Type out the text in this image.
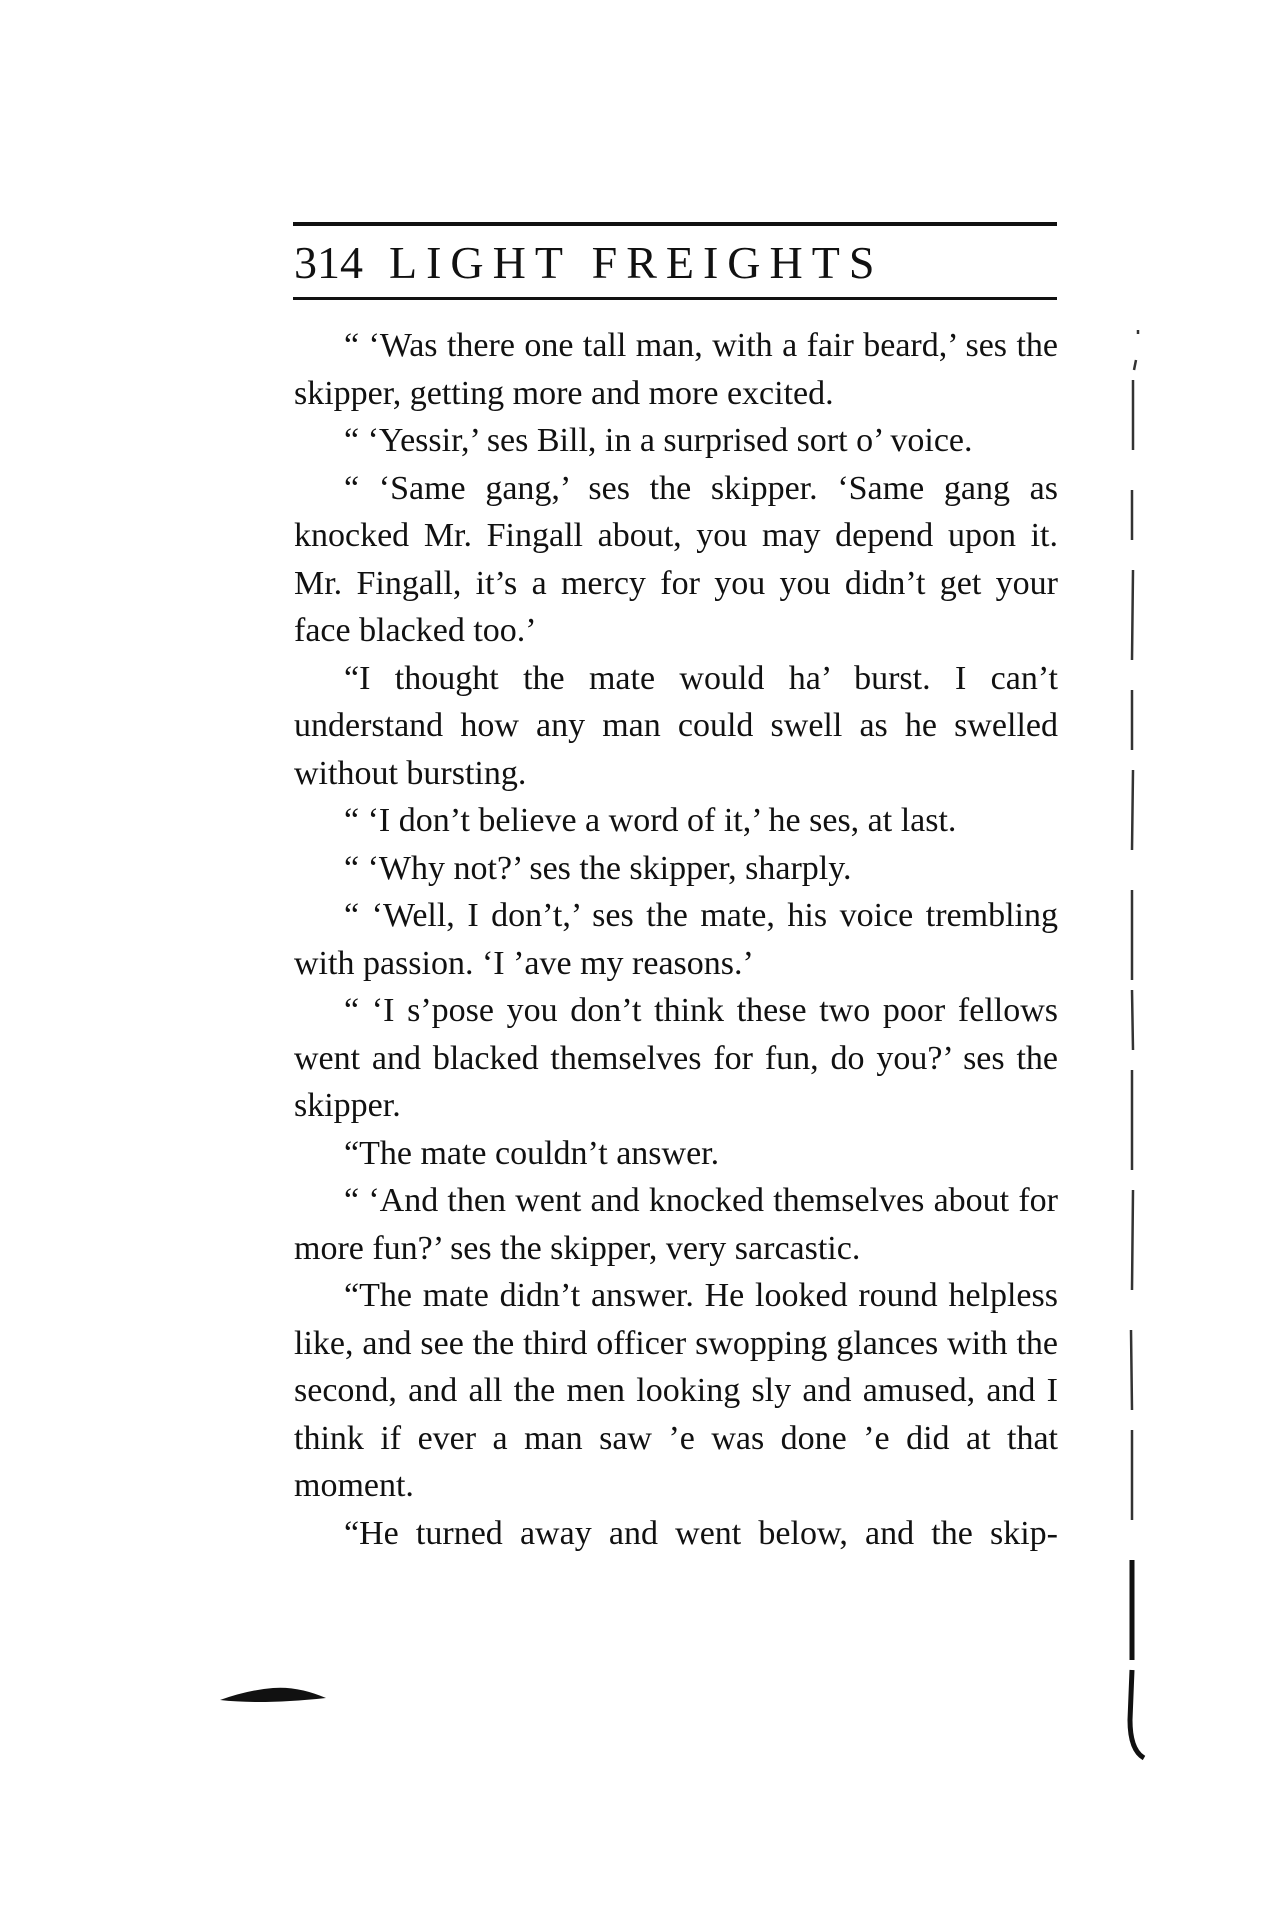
314 LIGHT FREIGHTS

“ ‘Was there one tall man, with a fair beard,’ ses the skipper, getting more and more excited.

“ ‘Yessir,’ ses Bill, in a surprised sort o’ voice.

“ ‘Same gang,’ ses the skipper. ‘Same gang as knocked Mr. Fingall about, you may depend upon it. Mr. Fingall, it’s a mercy for you you didn’t get your face blacked too.’

“I thought the mate would ha’ burst. I can’t understand how any man could swell as he swelled without bursting.

“ ‘I don’t believe a word of it,’ he ses, at last.

“ ‘Why not?’ ses the skipper, sharply.

“ ‘Well, I don’t,’ ses the mate, his voice trembling with passion. ‘I ’ave my reasons.’

“ ‘I s’pose you don’t think these two poor fellows went and blacked themselves for fun, do you?’ ses the skipper.

“The mate couldn’t answer.

“ ‘And then went and knocked themselves about for more fun?’ ses the skipper, very sarcastic.

“The mate didn’t answer. He looked round helpless like, and see the third officer swopping glances with the second, and all the men looking sly and amused, and I think if ever a man saw ’e was done ’e did at that moment.

“He turned away and went below, and the skip-
